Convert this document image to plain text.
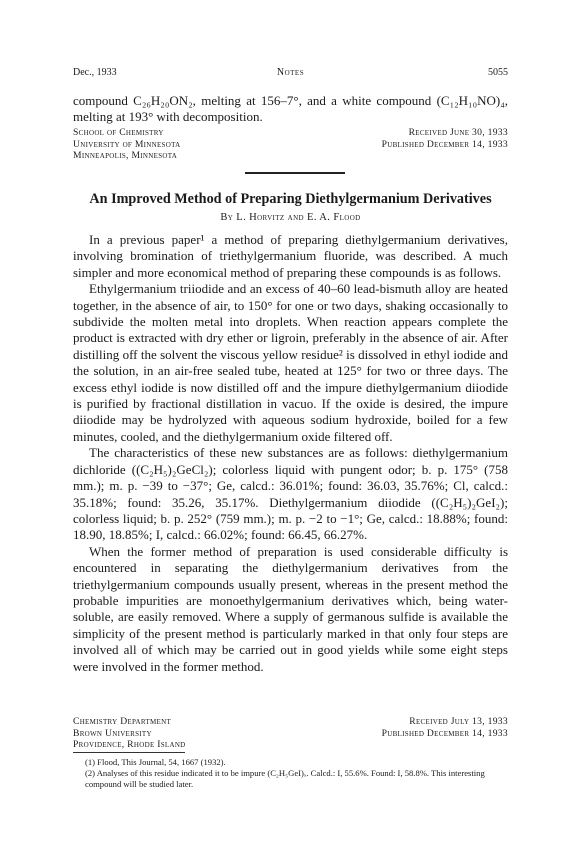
Dec., 1933	Notes	5055

compound C₂₆H₂₀ON₂, melting at 156–7°, and a white compound (C₁₂H₁₀NO)₄, melting at 193° with decomposition.

School of Chemistry	Received June 30, 1933
University of Minnesota	Published December 14, 1933
Minneapolis, Minnesota
An Improved Method of Preparing Diethylgermanium Derivatives
By L. Horvitz and E. A. Flood

In a previous paper¹ a method of preparing diethylgermanium derivatives, involving bromination of triethylgermanium fluoride, was described. A much simpler and more economical method of preparing these compounds is as follows.

Ethylgermanium triiodide and an excess of 40–60 lead-bismuth alloy are heated together, in the absence of air, to 150° for one or two days, shaking occasionally to subdivide the molten metal into droplets. When reaction appears complete the product is extracted with dry ether or ligroin, preferably in the absence of air. After distilling off the solvent the viscous yellow residue² is dissolved in ethyl iodide and the solution, in an air-free sealed tube, heated at 125° for two or three days. The excess ethyl iodide is now distilled off and the impure diethylgermanium diiodide is purified by fractional distillation in vacuo. If the oxide is desired, the impure diiodide may be hydrolyzed with aqueous sodium hydroxide, boiled for a few minutes, cooled, and the diethylgermanium oxide filtered off.

The characteristics of these new substances are as follows: diethylgermanium dichloride ((C₂H₅)₂GeCl₂); colorless liquid with pungent odor; b. p. 175° (758 mm.); m. p. −39 to −37°; Ge, calcd.: 36.01%; found: 36.03, 35.76%; Cl, calcd.: 35.18%; found: 35.26, 35.17%. Diethylgermanium diiodide ((C₂H₅)₂GeI₂); colorless liquid; b. p. 252° (759 mm.); m. p. −2 to −1°; Ge, calcd.: 18.88%; found: 18.90, 18.85%; I, calcd.: 66.02%; found: 66.45, 66.27%.

When the former method of preparation is used considerable difficulty is encountered in separating the diethylgermanium derivatives from the triethylgermanium compounds usually present, whereas in the present method the probable impurities are monoethylgermanium derivatives which, being water-soluble, are easily removed. Where a supply of germanous sulfide is available the simplicity of the present method is particularly marked in that only four steps are involved all of which may be carried out in good yields while some eight steps were involved in the former method.

Chemistry Department	Received July 13, 1933
Brown University	Published December 14, 1933
Providence, Rhode Island

(1) Flood, This Journal, 54, 1667 (1932).

(2) Analyses of this residue indicated it to be impure (C₂H₅GeI)ₓ. Calcd.: I, 55.6%. Found: I, 58.8%. This interesting compound will be studied later.
